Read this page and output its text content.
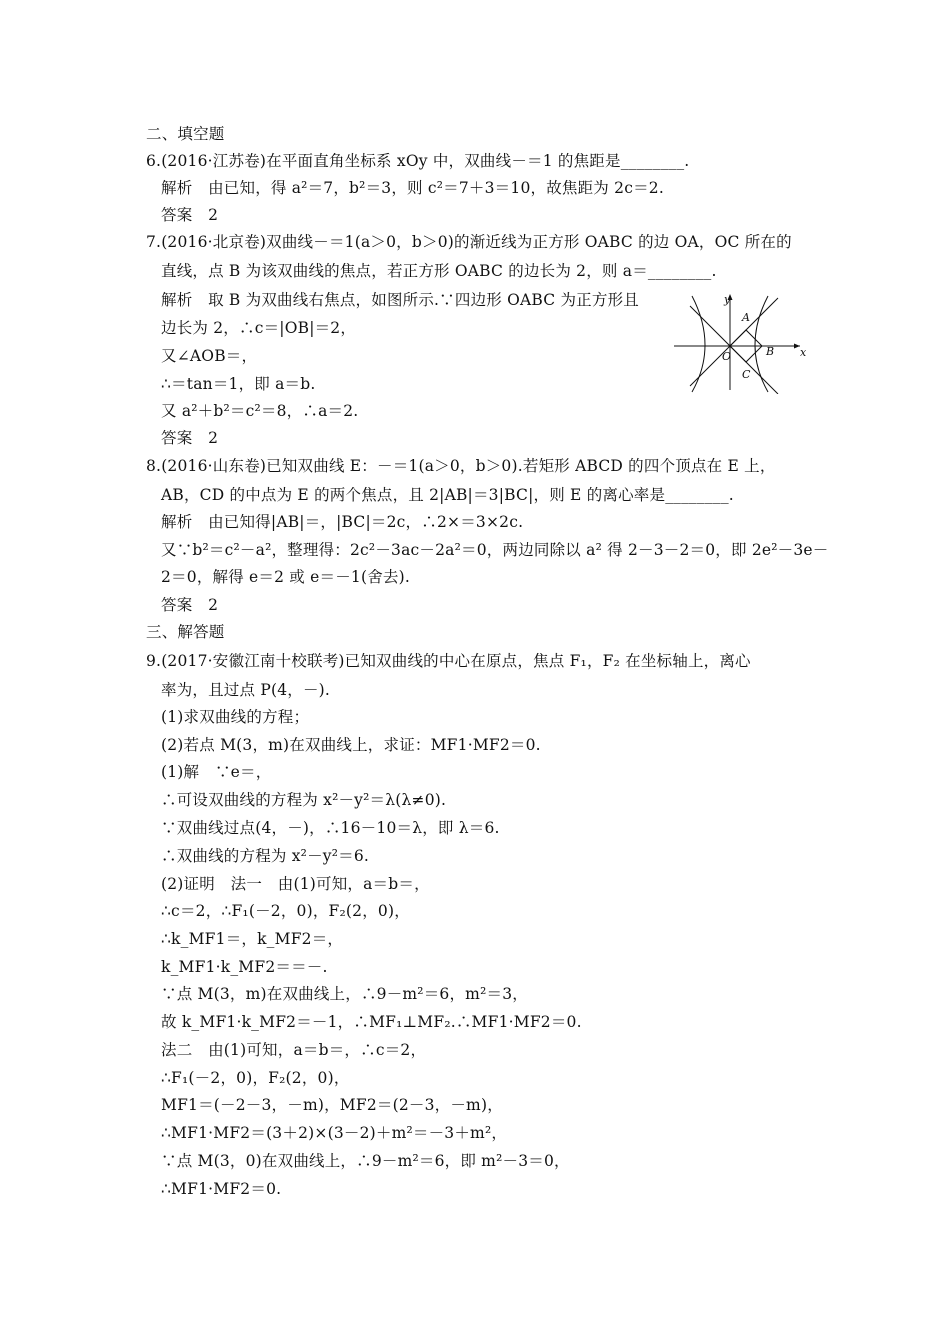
二、填空题
6.(2016·江苏卷)在平面直角坐标系 xOy 中，双曲线－＝1 的焦距是________.
解析　由已知，得 a²＝7，b²＝3，则 c²＝7＋3＝10，故焦距为 2c＝2.
答案　2
7.(2016·北京卷)双曲线－＝1(a＞0，b＞0)的渐近线为正方形 OABC 的边 OA，OC 所在的
直线，点 B 为该双曲线的焦点，若正方形 OABC 的边长为 2，则 a＝________.
解析　取 B 为双曲线右焦点，如图所示.∵四边形 OABC 为正方形且
边长为 2，∴c＝|OB|＝2，
又∠AOB＝，
∴＝tan＝1，即 a＝b.
又 a²＋b²＝c²＝8，∴a＝2.
答案　2
8.(2016·山东卷)已知双曲线 E：－＝1(a＞0，b＞0).若矩形 ABCD 的四个顶点在 E 上，
AB，CD 的中点为 E 的两个焦点，且 2|AB|＝3|BC|，则 E 的离心率是________.
解析　由已知得|AB|＝，|BC|＝2c，∴2×＝3×2c.
又∵b²＝c²－a²，整理得：2c²－3ac－2a²＝0，两边同除以 a² 得 2－3－2＝0，即 2e²－3e－
2＝0，解得 e＝2 或 e＝－1(舍去).
答案　2
三、解答题
9.(2017·安徽江南十校联考)已知双曲线的中心在原点，焦点 F₁，F₂ 在坐标轴上，离心
率为，且过点 P(4，－).
(1)求双曲线的方程；
(2)若点 M(3，m)在双曲线上，求证：MF1·MF2＝0.
(1)解　∵e＝，
∴可设双曲线的方程为 x²－y²＝λ(λ≠0).
∵双曲线过点(4，－)，∴16－10＝λ，即 λ＝6.
∴双曲线的方程为 x²－y²＝6.
(2)证明　法一　由(1)可知，a＝b＝，
∴c＝2，∴F₁(－2，0)，F₂(2，0)，
∴k_MF1＝，k_MF2＝，
k_MF1·k_MF2＝＝－.
∵点 M(3，m)在双曲线上，∴9－m²＝6，m²＝3，
故 k_MF1·k_MF2＝－1，∴MF₁⊥MF₂.∴MF1·MF2＝0.
法二　由(1)可知，a＝b＝，∴c＝2，
∴F₁(－2，0)，F₂(2，0)，
MF1＝(－2－3，－m)，MF2＝(2－3，－m)，
∴MF1·MF2＝(3＋2)×(3－2)＋m²＝－3＋m²，
∵点 M(3，0)在双曲线上，∴9－m²＝6，即 m²－3＝0，
∴MF1·MF2＝0.
y
x
A
B
O
C
